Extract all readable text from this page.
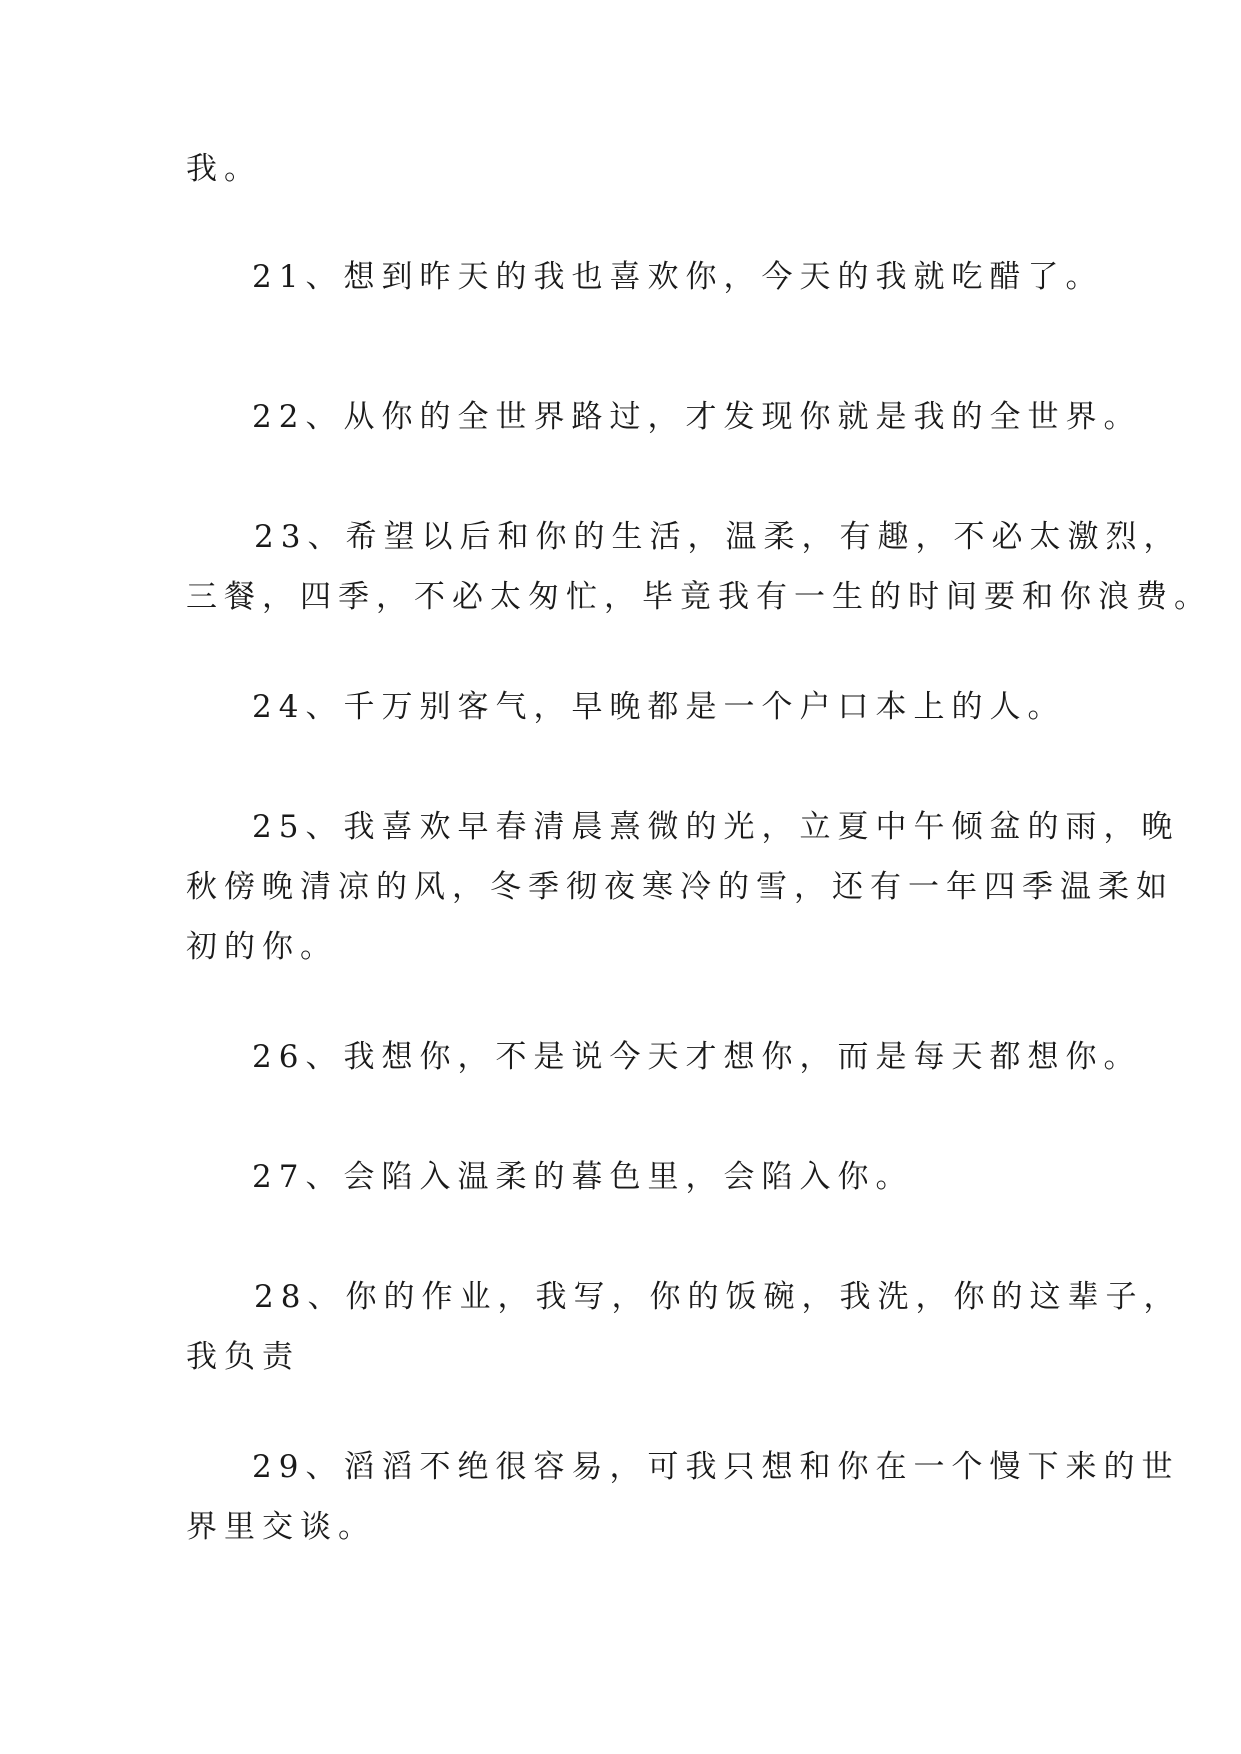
我。

21、想到昨天的我也喜欢你，今天的我就吃醋了。

22、从你的全世界路过，才发现你就是我的全世界。

23、希望以后和你的生活，温柔，有趣，不必太激烈，

三餐，四季，不必太匆忙，毕竟我有一生的时间要和你浪费。

24、千万别客气，早晚都是一个户口本上的人。

25、我喜欢早春清晨熹微的光，立夏中午倾盆的雨，晚

秋傍晚清凉的风，冬季彻夜寒冷的雪，还有一年四季温柔如

初的你。

26、我想你，不是说今天才想你，而是每天都想你。

27、会陷入温柔的暮色里，会陷入你。

28、你的作业，我写，你的饭碗，我洗，你的这辈子，

我负责

29、滔滔不绝很容易，可我只想和你在一个慢下来的世

界里交谈。
